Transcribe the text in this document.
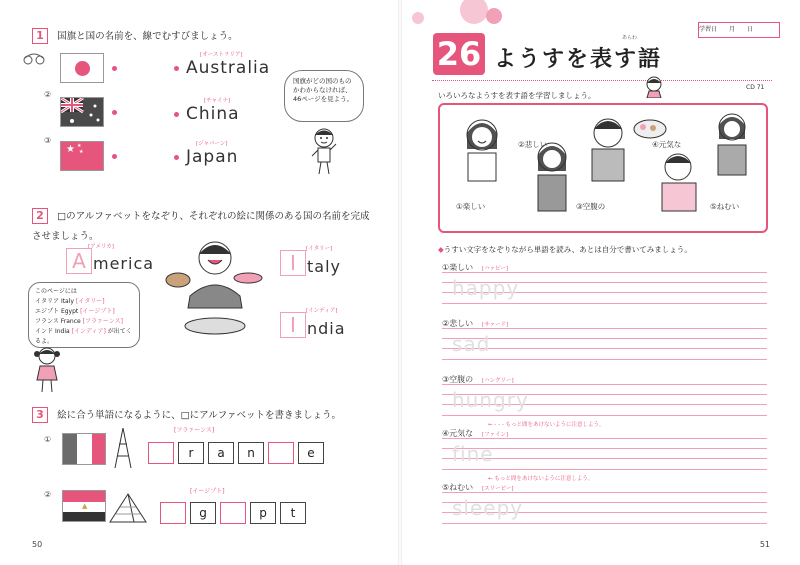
1 国旗と国の名前を、線でむすびましょう。
②
③
★ ★
★
[オーストラリア]
Australia
[チャイナ]
China
[ジャパーン]
Japan
国旗がどの国のものかわからなければ、46ページを見よう。
2 □のアルファベットをなぞり、それぞれの絵に関係のある国の名前を完成させましょう。
[アメリカ]
A merica
[イタリー]
I taly
[インディア]
I ndia
このページには
イタリア Italy [イタリー]
エジプト Egypt [イージプト]
フランス France [フラァーンス]
インド India [インディア] が出てくるよ。
3 絵に合う単語になるように、□にアルファベットを書きましょう。
①
[フラァーンス]
r	a	n	e
②
▲
[イージプト]
g	p	t
50
26	あらわ
ようすを表す語
学習日　　月　　日
CD 71
いろいろなようすを表す語を学習しましょう。
②悲しい	④元気な
①楽しい	③空腹の	⑤ねむい
◆うすい文字をなぞりながら単語を読み、あとは自分で書いてみましょう。
①楽しい [ハァピー]
happy
②悲しい [サァード]
sad
③空腹の [ハングリー]
hungry
← ‐ ‐ ‐ もっと間をあけないように注意しよう。
④元気な [ファイン]
fine
← もっと間をあけないように注意しよう。
⑤ねむい [スリーピー]
sleepy
51
